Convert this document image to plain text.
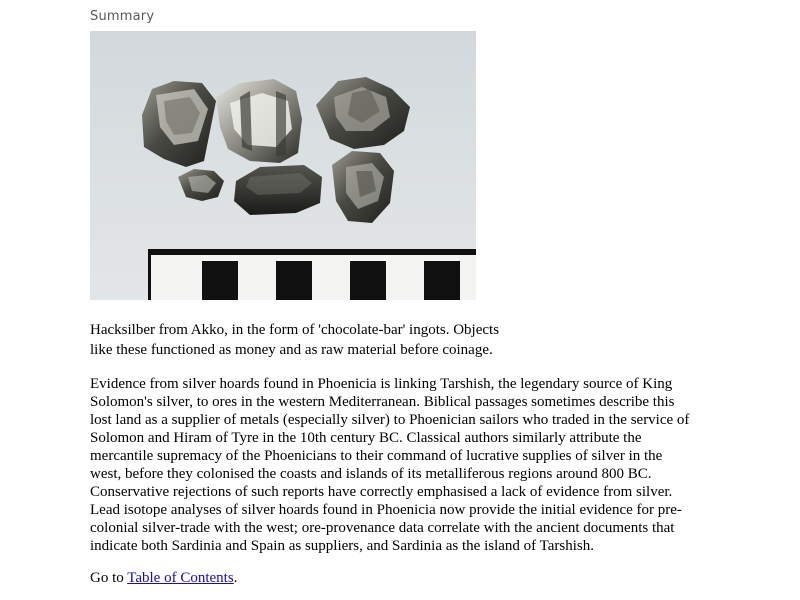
Summary

Hacksilber from Akko, in the form of 'chocolate-bar' ingots. Objects
like these functioned as money and as raw material before coinage.

Evidence from silver hoards found in Phoenicia is linking Tarshish, the legendary source of King
Solomon's silver, to ores in the western Mediterranean. Biblical passages sometimes describe this
lost land as a supplier of metals (especially silver) to Phoenician sailors who traded in the service of
Solomon and Hiram of Tyre in the 10th century BC. Classical authors similarly attribute the
mercantile supremacy of the Phoenicians to their command of lucrative supplies of silver in the
west, before they colonised the coasts and islands of its metalliferous regions around 800 BC.
Conservative rejections of such reports have correctly emphasised a lack of evidence from silver.
Lead isotope analyses of silver hoards found in Phoenicia now provide the initial evidence for pre-
colonial silver-trade with the west; ore-provenance data correlate with the ancient documents that
indicate both Sardinia and Spain as suppliers, and Sardinia as the island of Tarshish.

Go to Table of Contents.
